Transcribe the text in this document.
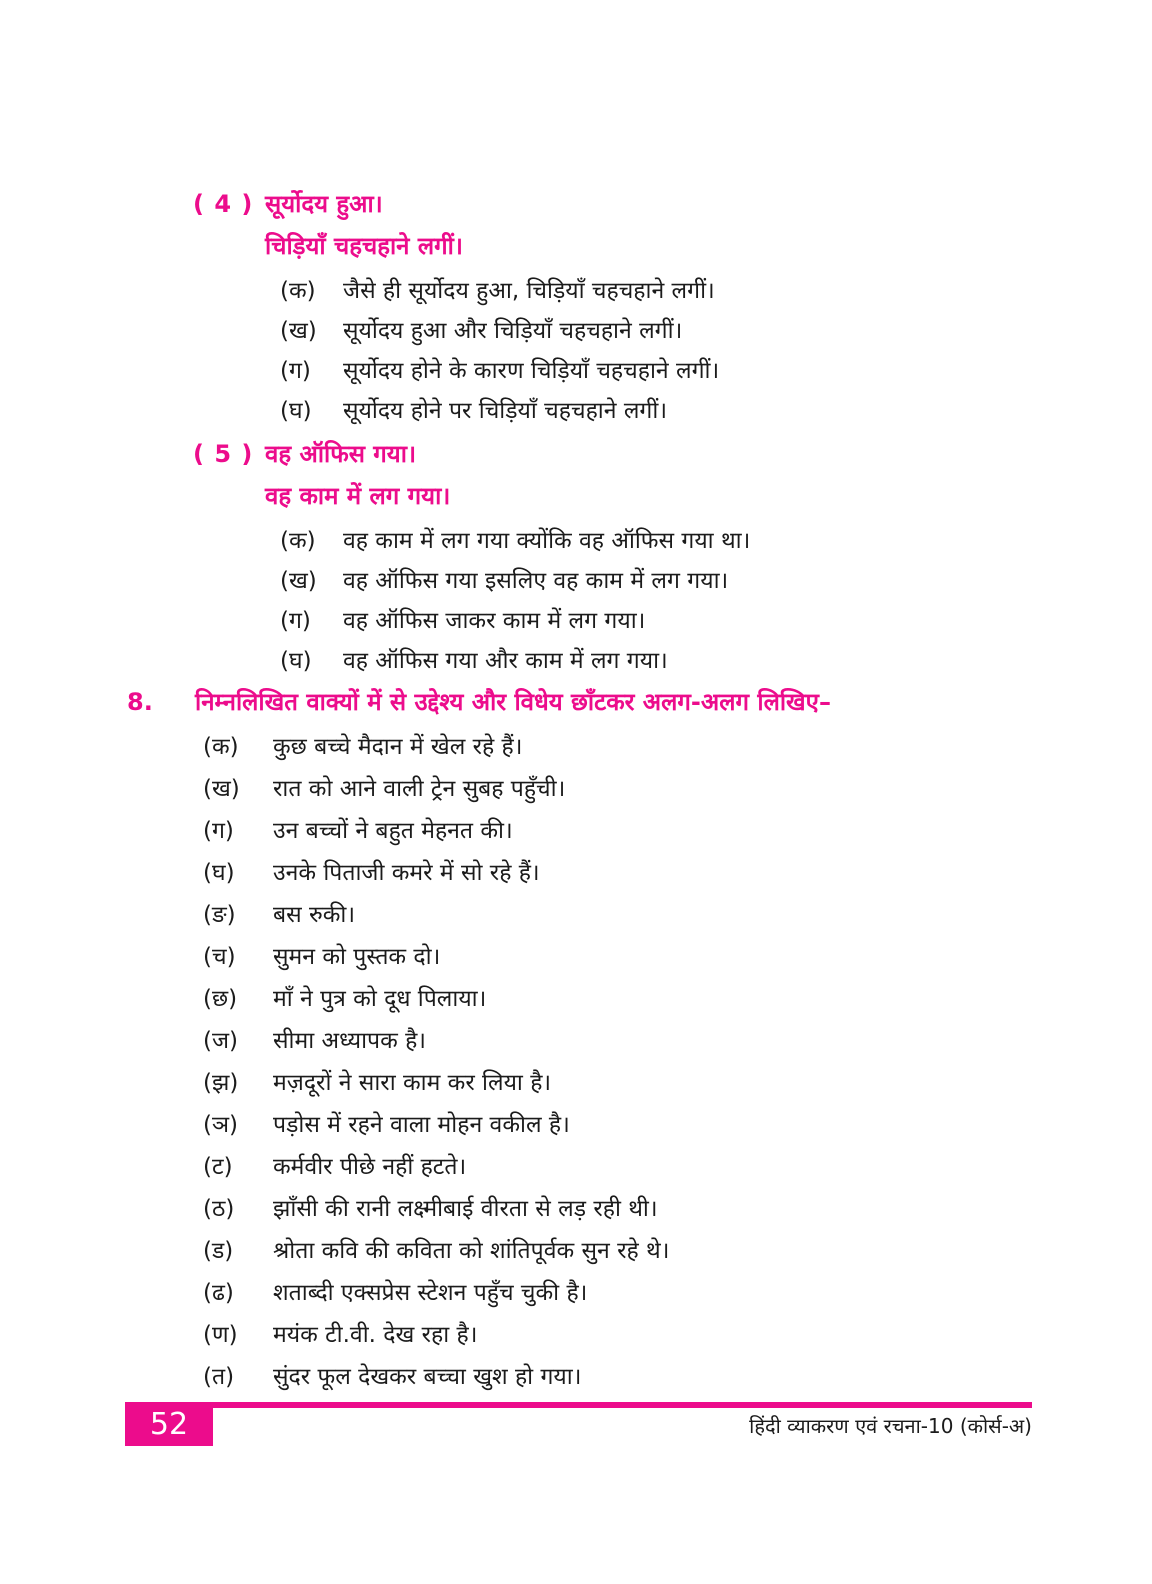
( 4 ) सूर्योदय हुआ।
चिड़ियाँ चहचहाने लगीं।
(क)	जैसे ही सूर्योदय हुआ, चिड़ियाँ चहचहाने लगीं।
(ख)	सूर्योदय हुआ और चिड़ियाँ चहचहाने लगीं।
(ग)	सूर्योदय होने के कारण चिड़ियाँ चहचहाने लगीं।
(घ)	सूर्योदय होने पर चिड़ियाँ चहचहाने लगीं।
( 5 ) वह ऑफिस गया।
वह काम में लग गया।
(क)	वह काम में लग गया क्योंकि वह ऑफिस गया था।
(ख)	वह ऑफिस गया इसलिए वह काम में लग गया।
(ग)	वह ऑफिस जाकर काम में लग गया।
(घ)	वह ऑफिस गया और काम में लग गया।
8.	निम्नलिखित वाक्यों में से उद्देश्य और विधेय छाँटकर अलग-अलग लिखिए–
(क)	कुछ बच्चे मैदान में खेल रहे हैं।
(ख)	रात को आने वाली ट्रेन सुबह पहुँची।
(ग)	उन बच्चों ने बहुत मेहनत की।
(घ)	उनके पिताजी कमरे में सो रहे हैं।
(ङ)	बस रुकी।
(च)	सुमन को पुस्तक दो।
(छ)	माँ ने पुत्र को दूध पिलाया।
(ज)	सीमा अध्यापक है।
(झ)	मज़दूरों ने सारा काम कर लिया है।
(ञ)	पड़ोस में रहने वाला मोहन वकील है।
(ट)	कर्मवीर पीछे नहीं हटते।
(ठ)	झाँसी की रानी लक्ष्मीबाई वीरता से लड़ रही थी।
(ड)	श्रोता कवि की कविता को शांतिपूर्वक सुन रहे थे।
(ढ)	शताब्दी एक्सप्रेस स्टेशन पहुँच चुकी है।
(ण)	मयंक टी.वी. देख रहा है।
(त)	सुंदर फूल देखकर बच्चा खुश हो गया।
52	हिंदी व्याकरण एवं रचना-10 (कोर्स-अ)
